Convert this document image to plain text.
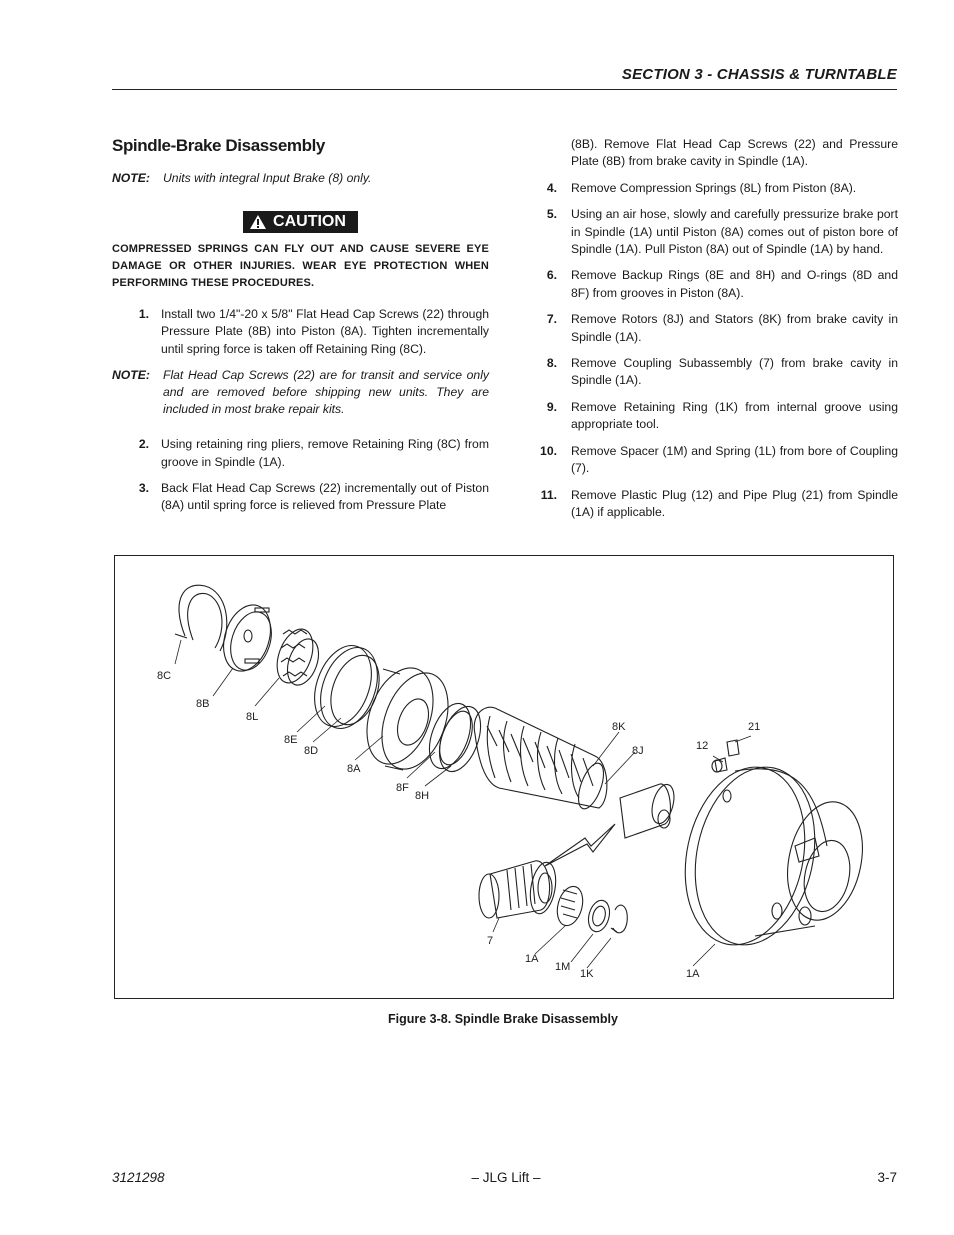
SECTION 3 - CHASSIS & TURNTABLE
Spindle-Brake Disassembly
NOTE:	Units with integral Input Brake (8) only.
CAUTION
COMPRESSED SPRINGS CAN FLY OUT AND CAUSE SEVERE EYE DAMAGE OR OTHER INJURIES. WEAR EYE PROTECTION WHEN PERFORMING THESE PROCEDURES.
1. Install two 1/4"-20 x 5/8" Flat Head Cap Screws (22) through Pressure Plate (8B) into Piston (8A). Tighten incrementally until spring force is taken off Retaining Ring (8C).
NOTE:	Flat Head Cap Screws (22) are for transit and service only and are removed before shipping new units. They are included in most brake repair kits.
2. Using retaining ring pliers, remove Retaining Ring (8C) from groove in Spindle (1A).
3. Back Flat Head Cap Screws (22) incrementally out of Piston (8A) until spring force is relieved from Pressure Plate
(8B). Remove Flat Head Cap Screws (22) and Pressure Plate (8B) from brake cavity in Spindle (1A).
4.	Remove Compression Springs (8L) from Piston (8A).
5.	Using an air hose, slowly and carefully pressurize brake port in Spindle (1A) until Piston (8A) comes out of piston bore of Spindle (1A). Pull Piston (8A) out of Spindle (1A) by hand.
6.	Remove Backup Rings (8E and 8H) and O-rings (8D and 8F) from grooves in Piston (8A).
7.	Remove Rotors (8J) and Stators (8K) from brake cavity in Spindle (1A).
8.	Remove Coupling Subassembly (7) from brake cavity in Spindle (1A).
9.	Remove Retaining Ring (1K) from internal groove using appropriate tool.
10.	Remove Spacer (1M) and Spring (1L) from bore of Coupling (7).
11.	Remove Plastic Plug (12) and Pipe Plug (21) from Spindle (1A) if applicable.
8C
8B
8L
8E
8D
8A
8F
8H
8K
8J	12
21
7
1A
1M
1K	1A
Figure 3-8. Spindle Brake Disassembly
3121298	– JLG Lift –	3-7
